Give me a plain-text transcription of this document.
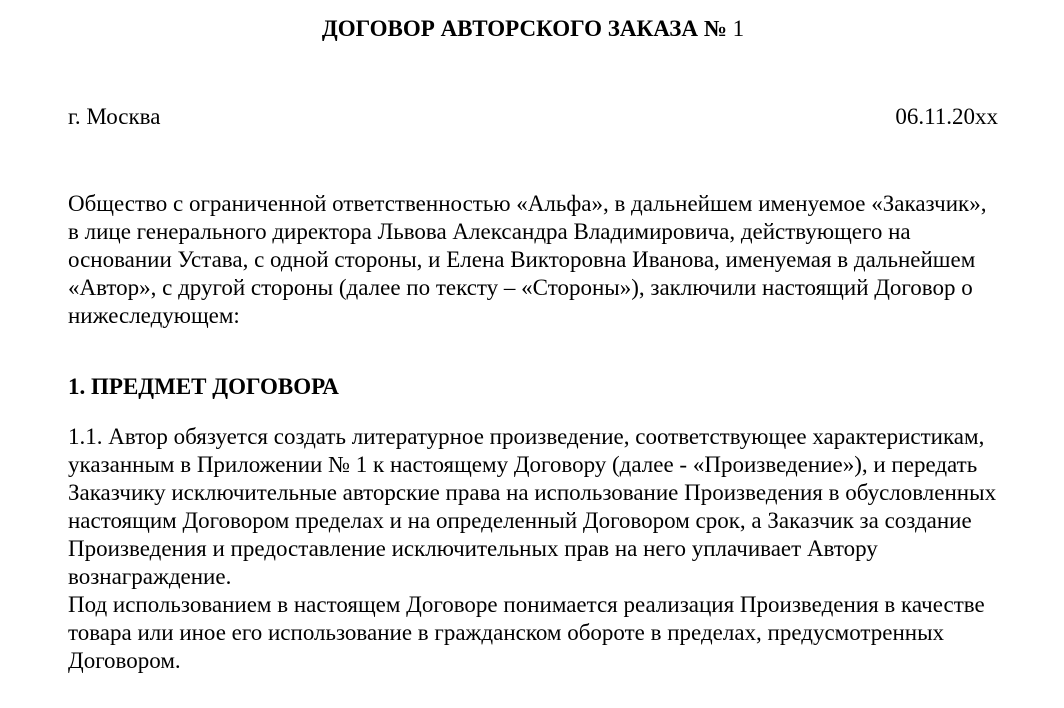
ДОГОВОР АВТОРСКОГО ЗАКАЗА № 1
г. Москва	06.11.20xx

Общество с ограниченной ответственностью «Альфа», в дальнейшем именуемое «Заказчик», в лице генерального директора Львова Александра Владимировича, действующего на основании Устава, с одной стороны, и Елена Викторовна Иванова, именуемая в дальнейшем «Автор», с другой стороны (далее по тексту – «Стороны»), заключили настоящий Договор о нижеследующем:

1. ПРЕДМЕТ ДОГОВОРА

1.1. Автор обязуется создать литературное произведение, соответствующее характеристикам, указанным в Приложении № 1 к настоящему Договору (далее - «Произведение»), и передать Заказчику исключительные авторские права на использование Произведения в обусловленных настоящим Договором пределах и на определенный Договором срок, а Заказчик за создание Произведения и предоставление исключительных прав на него уплачивает Автору вознаграждение.

Под использованием в настоящем Договоре понимается реализация Произведения в качестве товара или иное его использование в гражданском обороте в пределах, предусмотренных Договором.
